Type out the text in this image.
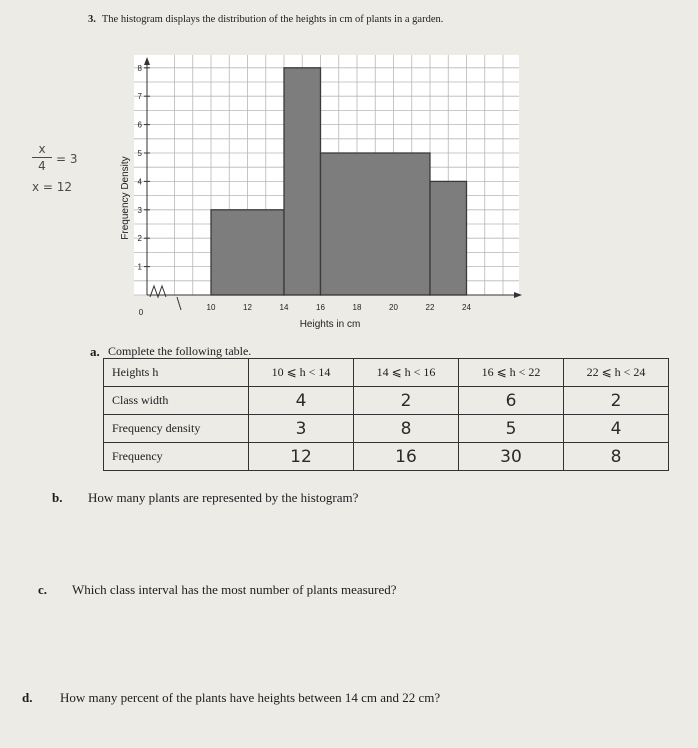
3. The histogram displays the distribution of the heights in cm of plants in a garden.
x
4 = 3
x = 12
10	12	14	16	18	20	22	24
1
2
3
4
5
6
7
8
0
Heights in cm
Frequency Density
a. Complete the following table.
Heights h	10 ⩽ h < 14	14 ⩽ h < 16	16 ⩽ h < 22	22 ⩽ h < 24
Class width	4	2	6	2
Frequency density	3	8	5	4
Frequency	12	16	30	8
b. How many plants are represented by the histogram?
c. Which class interval has the most number of plants measured?
d. How many percent of the plants have heights between 14 cm and 22 cm?
